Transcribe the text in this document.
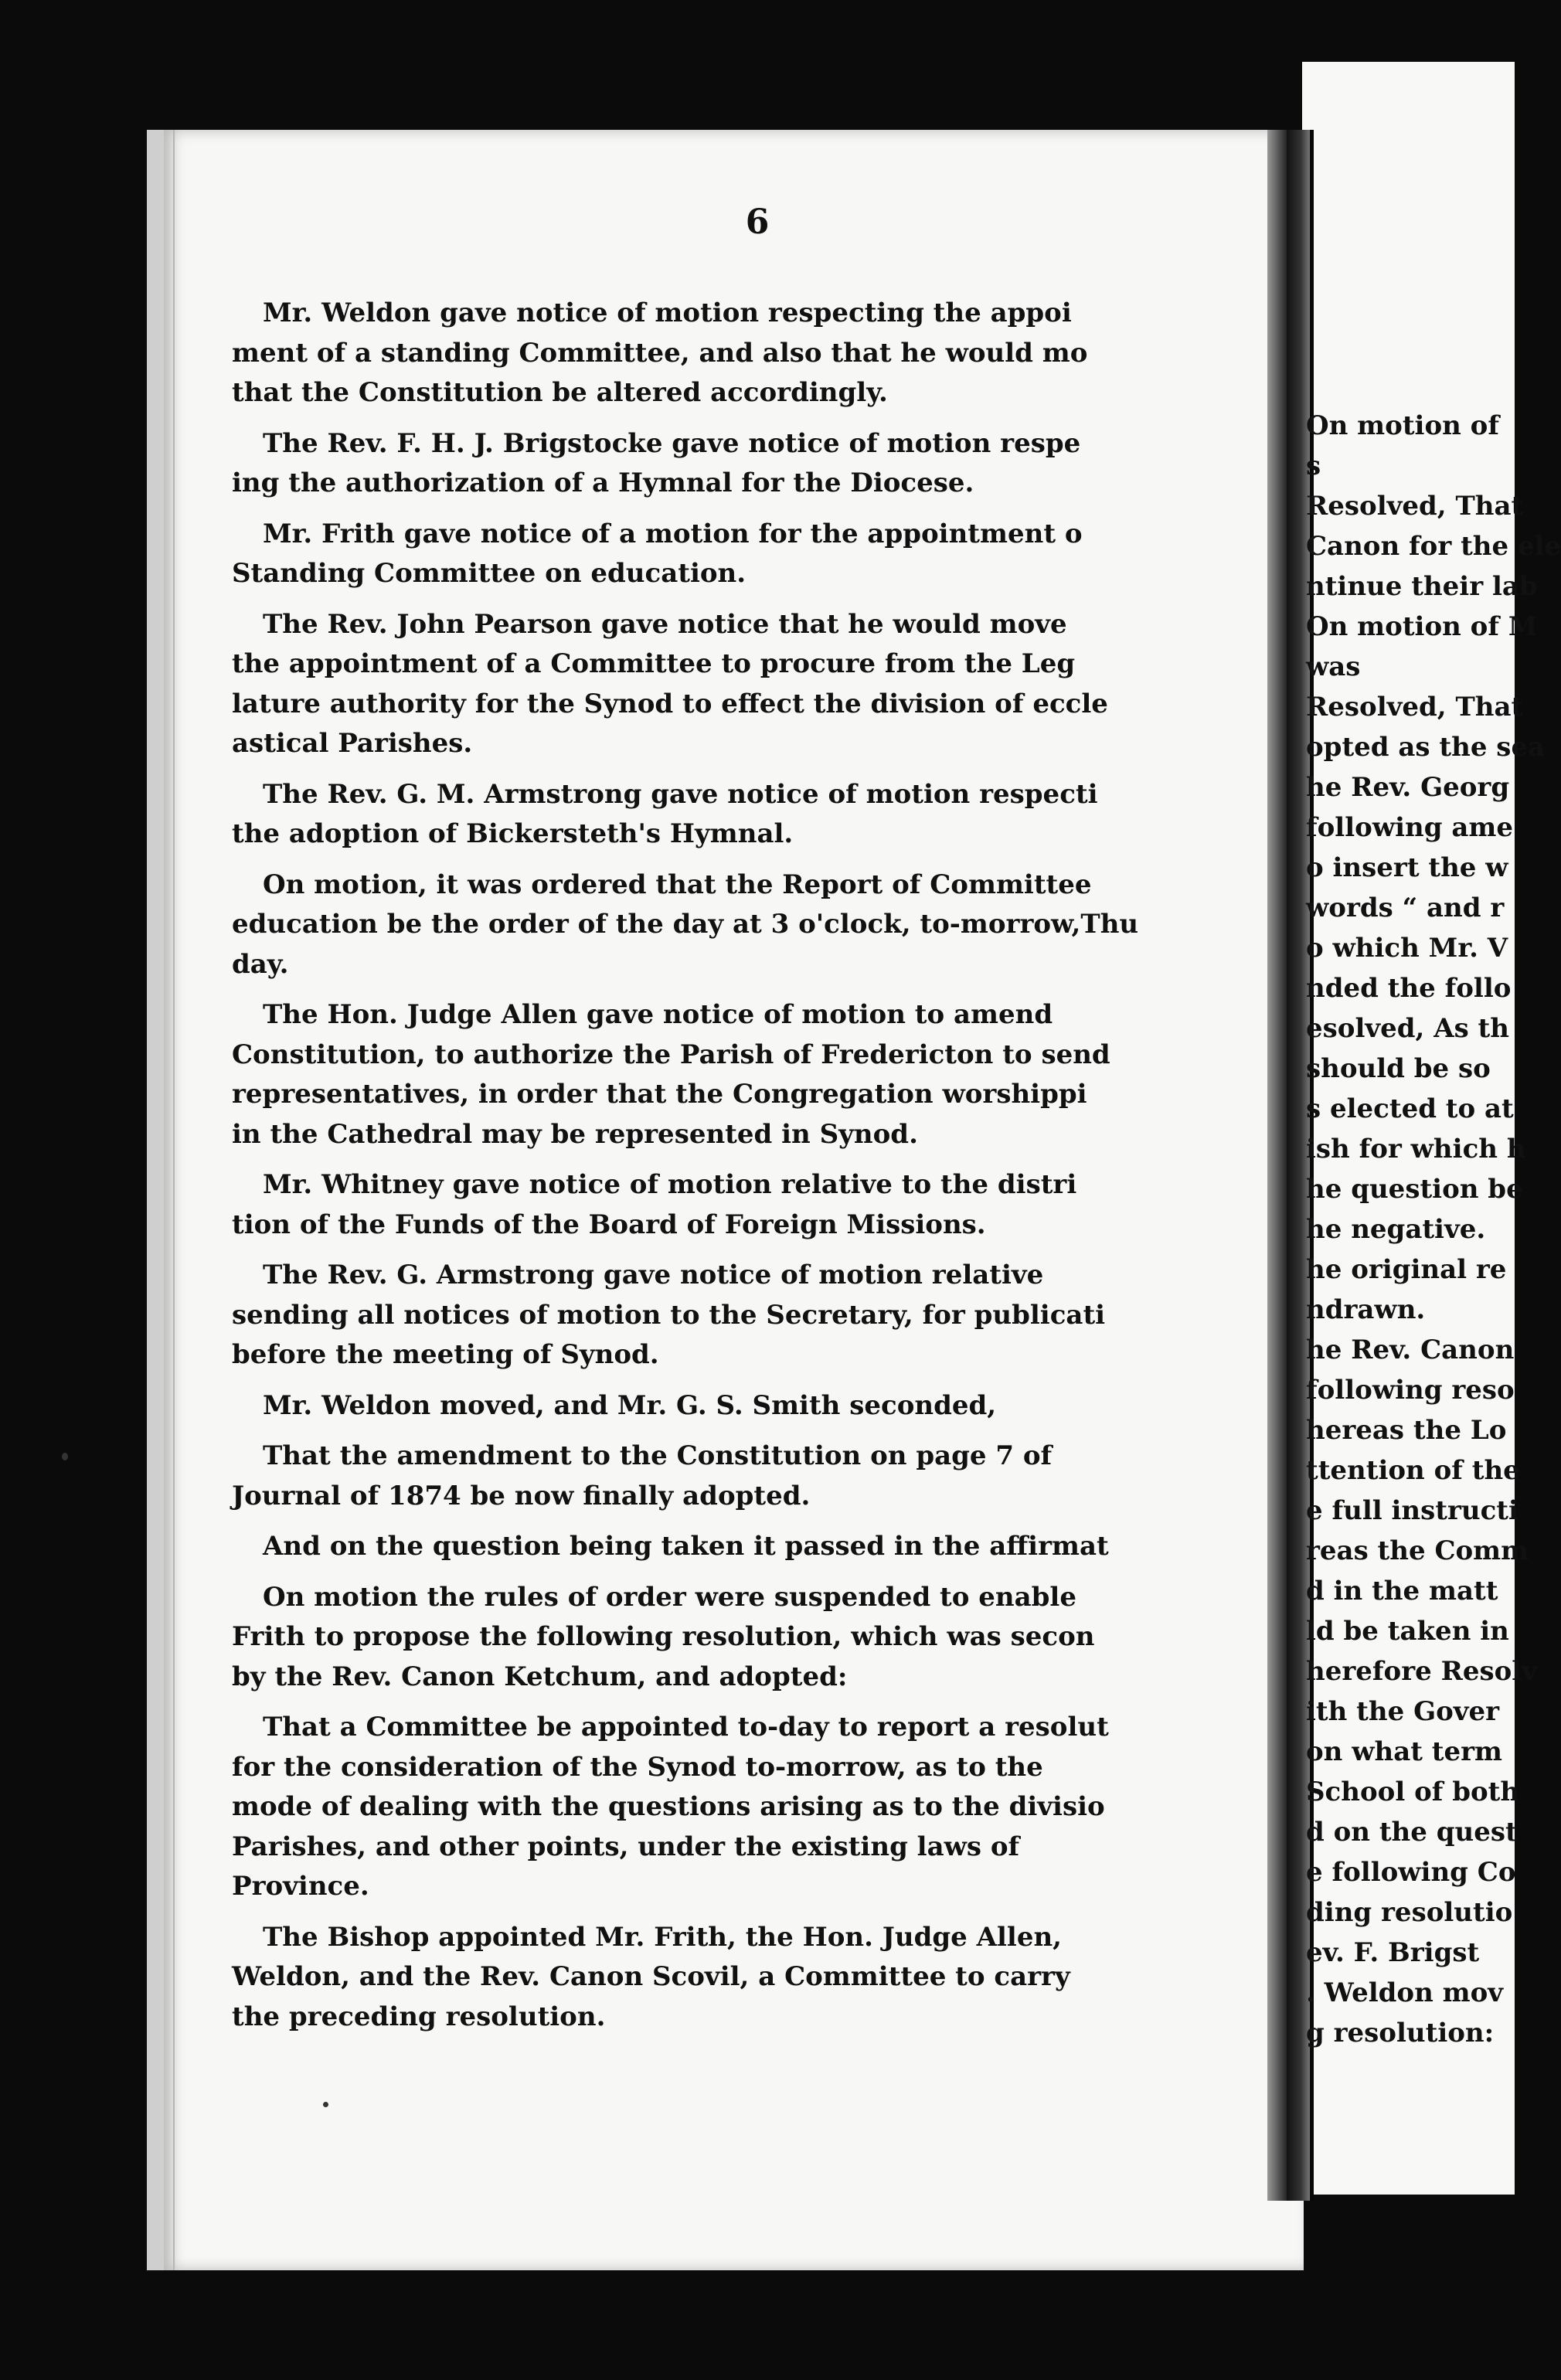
6
Mr. Weldon gave notice of motion respecting the appoi
ment of a standing Committee, and also that he would mo
that the Constitution be altered accordingly.
The Rev. F. H. J. Brigstocke gave notice of motion respe
ing the authorization of a Hymnal for the Diocese.
Mr. Frith gave notice of a motion for the appointment o
Standing Committee on education.
The Rev. John Pearson gave notice that he would move
the appointment of a Committee to procure from the Leg
lature authority for the Synod to effect the division of eccle
astical Parishes.
The Rev. G. M. Armstrong gave notice of motion respecti
the adoption of Bickersteth's Hymnal.
On motion, it was ordered that the Report of Committee
education be the order of the day at 3 o'clock, to-morrow,Thu
day.
The Hon. Judge Allen gave notice of motion to amend
Constitution, to authorize the Parish of Fredericton to send
representatives, in order that the Congregation worshippi
in the Cathedral may be represented in Synod.
Mr. Whitney gave notice of motion relative to the distri
tion of the Funds of the Board of Foreign Missions.
The Rev. G. Armstrong gave notice of motion relative
sending all notices of motion to the Secretary, for publicati
before the meeting of Synod.
Mr. Weldon moved, and Mr. G. S. Smith seconded,
That the amendment to the Constitution on page 7 of
Journal of 1874 be now finally adopted.
And on the question being taken it passed in the affirmat
On motion the rules of order were suspended to enable
Frith to propose the following resolution, which was secon
by the Rev. Canon Ketchum, and adopted:
That a Committee be appointed to-day to report a resolut
for the consideration of the Synod to-morrow, as to the
mode of dealing with the questions arising as to the divisio
Parishes, and other points, under the existing laws of
Province.
The Bishop appointed Mr. Frith, the Hon. Judge Allen,
Weldon, and the Rev. Canon Scovil, a Committee to carry
the preceding resolution.
On motion of
s
Resolved, That
Canon for the ele
ntinue their lab
On motion of M
was
Resolved, That
opted as the sea
he Rev. Georg
following ame
o insert the w
words “ and r
o which Mr. V
nded the follo
esolved, As th
should be so
s elected to at
ish for which h
he question be
he negative.
he original re
ndrawn.
he Rev. Canon
following reso
hereas the Lo
ttention of the
e full instructi
reas the Comm
d in the matt
ld be taken in
herefore Resolv
ith the Gover
on what term
School of both
d on the quest
e following Co
ding resolutio
ev. F. Brigst
. Weldon mov
g resolution:
